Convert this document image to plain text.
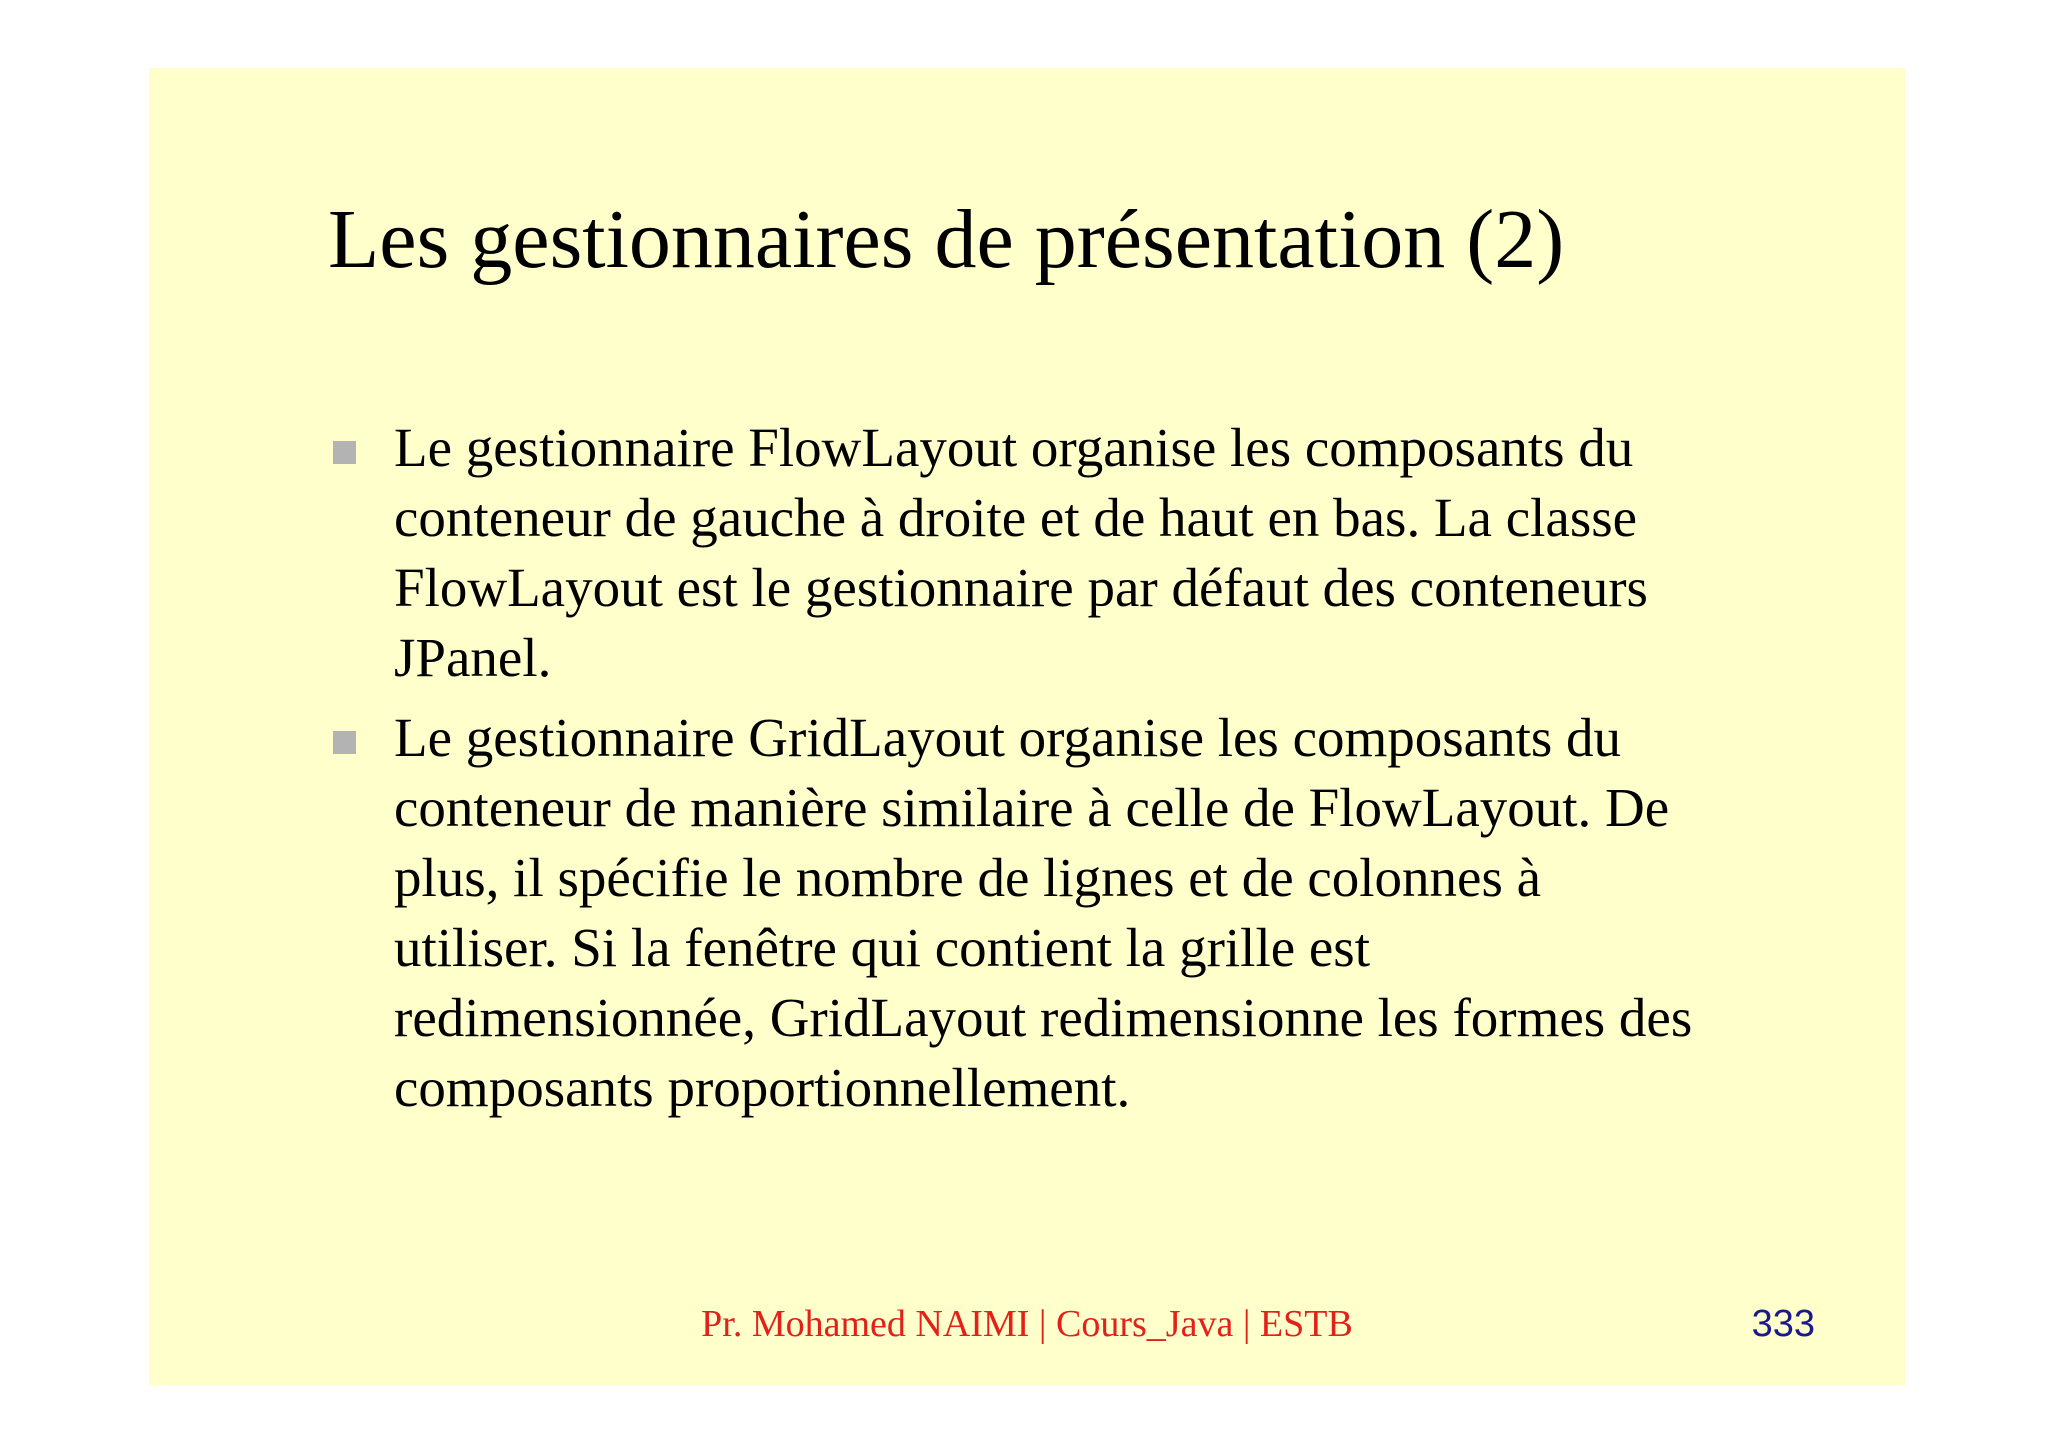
Les gestionnaires de présentation (2)
Le gestionnaire FlowLayout organise les composants du
conteneur de gauche à droite et de haut en bas. La classe
FlowLayout est le gestionnaire par défaut des conteneurs
JPanel.
Le gestionnaire GridLayout organise les composants du
conteneur de manière similaire à celle de FlowLayout. De
plus, il spécifie le nombre de lignes et de colonnes à
utiliser. Si la fenêtre qui contient la grille est
redimensionnée, GridLayout redimensionne les formes des
composants proportionnellement.
Pr. Mohamed NAIMI | Cours_Java | ESTB	333
